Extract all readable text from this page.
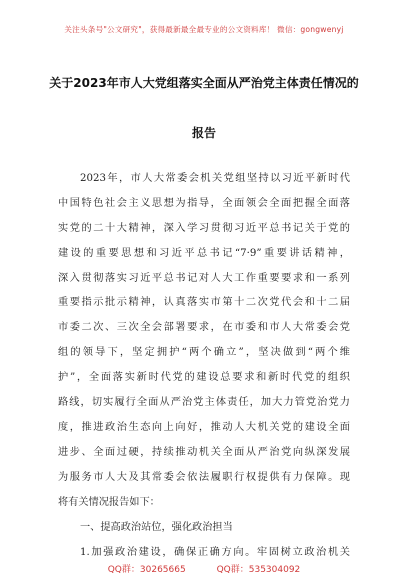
关注头条号"公文研究"，获得最新最全最专业的公文资料库！ 微信：gongwenyj
关于2023年市人大党组落实全面从严治党主体责任情况的
报告
2023年，市人大常委会机关党组坚持以习近平新时代
中国特色社会主义思想为指导，全面领会全面把握全面落
实党的二十大精神，深入学习贯彻习近平总书记关于党的
建设的重要思想和习近平总书记“7·9”重要讲话精神，
深入贯彻落实习近平总书记对人大工作重要要求和一系列
重要指示批示精神，认真落实市第十二次党代会和十二届
市委二次、三次全会部署要求，在市委和市人大常委会党
组的领导下，坚定拥护“两个确立”，坚决做到“两个维
护”，全面落实新时代党的建设总要求和新时代党的组织
路线，切实履行全面从严治党主体责任，加大力管党治党力
度，推进政治生态向上向好，推动人大机关党的建设全面
进步、全面过硬，持续推动机关全面从严治党向纵深发展
为服务市人大及其常委会依法履职行权提供有力保障。现
将有关情况报告如下：
一、提高政治站位，强化政治担当
1.加强政治建设，确保正确方向。牢固树立政治机关
QQ群：30265665	QQ群：535304092
